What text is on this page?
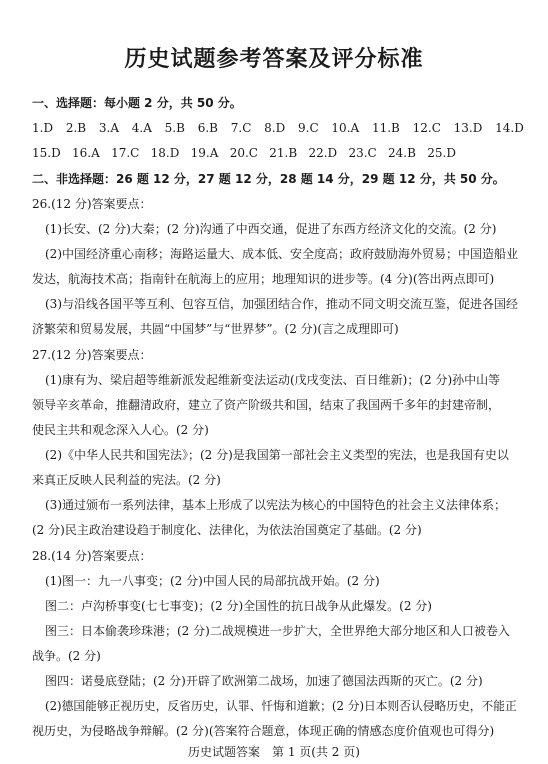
历史试题参考答案及评分标准
一、选择题：每小题 2 分，共 50 分。
1.D 2.B 3.A 4.A 5.B 6.B 7.C 8.D 9.C 10.A 11.B 12.C 13.D 14.D
15.D 16.A 17.C 18.D 19.A 20.C 21.B 22.D 23.C 24.B 25.D
二、非选择题：26 题 12 分，27 题 12 分，28 题 14 分，29 题 12 分，共 50 分。
26.(12 分)答案要点：
(1)长安、(2 分)大秦；(2 分)沟通了中西交通，促进了东西方经济文化的交流。(2 分)
(2)中国经济重心南移；海路运量大、成本低、安全度高；政府鼓励海外贸易；中国造船业
发达，航海技术高；指南针在航海上的应用；地理知识的进步等。(4 分)(答出两点即可)
(3)与沿线各国平等互利、包容互信，加强团结合作，推动不同文明交流互鉴，促进各国经
济繁荣和贸易发展，共圆“中国梦”与“世界梦”。(2 分)(言之成理即可)
27.(12 分)答案要点：
(1)康有为、梁启超等维新派发起维新变法运动(戊戌变法、百日维新)；(2 分)孙中山等
领导辛亥革命，推翻清政府，建立了资产阶级共和国，结束了我国两千多年的封建帝制，
使民主共和观念深入人心。(2 分)
(2)《中华人民共和国宪法》；(2 分)是我国第一部社会主义类型的宪法，也是我国有史以
来真正反映人民利益的宪法。(2 分)
(3)通过颁布一系列法律，基本上形成了以宪法为核心的中国特色的社会主义法律体系；
(2 分)民主政治建设趋于制度化、法律化，为依法治国奠定了基础。(2 分)
28.(14 分)答案要点：
(1)图一：九一八事变；(2 分)中国人民的局部抗战开始。(2 分)
图二：卢沟桥事变(七七事变)；(2 分)全国性的抗日战争从此爆发。(2 分)
图三：日本偷袭珍珠港；(2 分)二战规模进一步扩大，全世界绝大部分地区和人口被卷入
战争。(2 分)
图四：诺曼底登陆；(2 分)开辟了欧洲第二战场，加速了德国法西斯的灭亡。(2 分)
(2)德国能够正视历史，反省历史，认罪、忏悔和道歉；(2 分)日本则否认侵略历史，不能正
视历史，为侵略战争辩解。(2 分)(答案符合题意，体现正确的情感态度价值观也可得分)
历史试题答案　第 1 页(共 2 页)
